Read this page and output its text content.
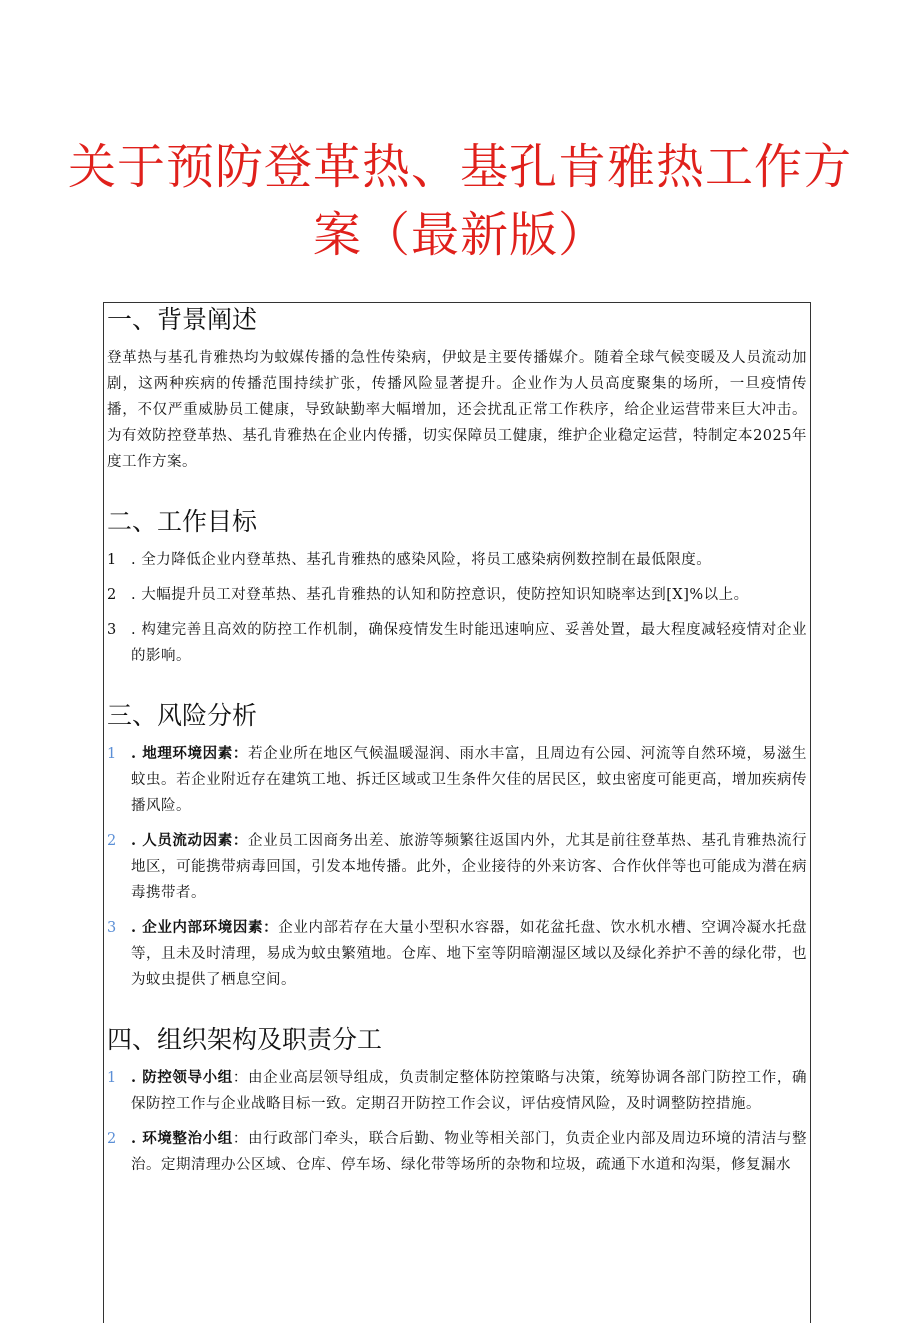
关于预防登革热、基孔肯雅热工作方
案（最新版）
一、背景阐述

登革热与基孔肯雅热均为蚊媒传播的急性传染病，伊蚊是主要传播媒介。随着全球气候变暖及人员流动加剧，这两种疾病的传播范围持续扩张，传播风险显著提升。企业作为人员高度聚集的场所，一旦疫情传播，不仅严重威胁员工健康，导致缺勤率大幅增加，还会扰乱正常工作秩序，给企业运营带来巨大冲击。为有效防控登革热、基孔肯雅热在企业内传播，切实保障员工健康，维护企业稳定运营，特制定本2025年度工作方案。

二、工作目标
1 . 全力降低企业内登革热、基孔肯雅热的感染风险，将员工感染病例数控制在最低限度。
2 . 大幅提升员工对登革热、基孔肯雅热的认知和防控意识，使防控知识知晓率达到[X]%以上。
3 . 构建完善且高效的防控工作机制，确保疫情发生时能迅速响应、妥善处置，最大程度减轻疫情对企业的影响。
三、风险分析
1 . 地理环境因素：若企业所在地区气候温暖湿润、雨水丰富，且周边有公园、河流等自然环境，易滋生蚊虫。若企业附近存在建筑工地、拆迁区域或卫生条件欠佳的居民区，蚊虫密度可能更高，增加疾病传播风险。
2 . 人员流动因素：企业员工因商务出差、旅游等频繁往返国内外，尤其是前往登革热、基孔肯雅热流行地区，可能携带病毒回国，引发本地传播。此外，企业接待的外来访客、合作伙伴等也可能成为潜在病毒携带者。
3 . 企业内部环境因素：企业内部若存在大量小型积水容器，如花盆托盘、饮水机水槽、空调冷凝水托盘等，且未及时清理，易成为蚊虫繁殖地。仓库、地下室等阴暗潮湿区域以及绿化养护不善的绿化带，也为蚊虫提供了栖息空间。
四、组织架构及职责分工
1 . 防控领导小组：由企业高层领导组成，负责制定整体防控策略与决策，统筹协调各部门防控工作，确保防控工作与企业战略目标一致。定期召开防控工作会议，评估疫情风险，及时调整防控措施。
2 . 环境整治小组：由行政部门牵头，联合后勤、物业等相关部门，负责企业内部及周边环境的清洁与整治。定期清理办公区域、仓库、停车场、绿化带等场所的杂物和垃圾，疏通下水道和沟渠，修复漏水
